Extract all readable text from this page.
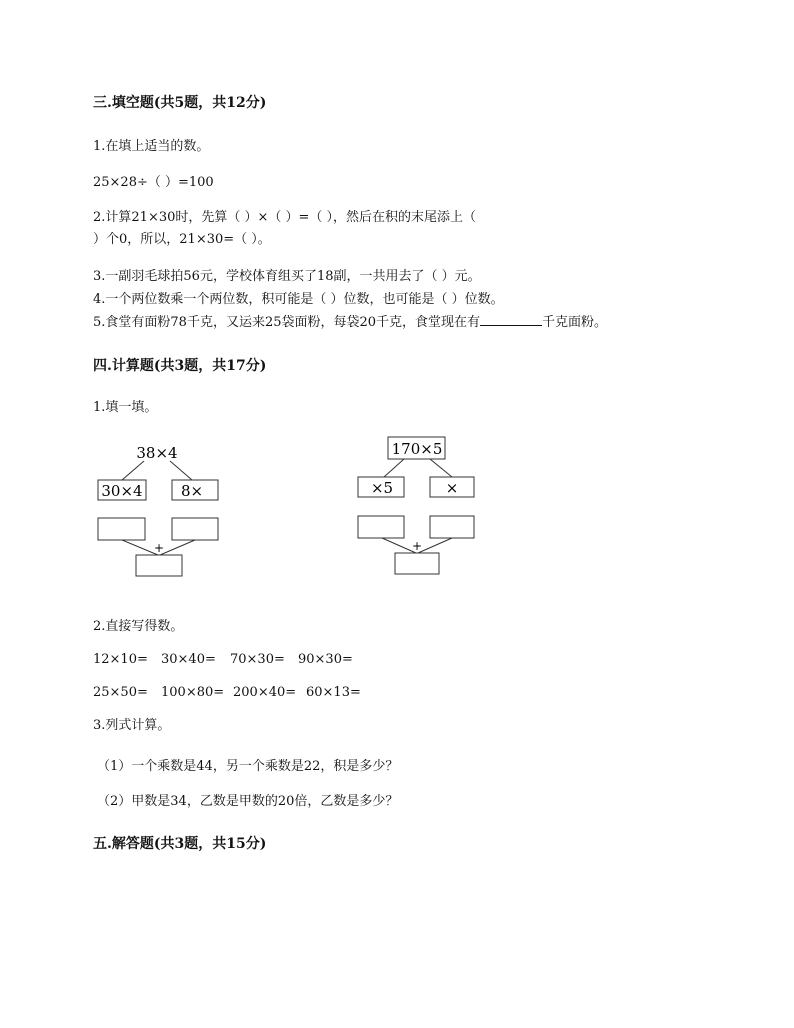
三.填空题(共5题，共12分)
1.在填上适当的数。
25×28÷（ ）=100
2.计算21×30时，先算（ ）×（ ）=（ ），然后在积的末尾添上（
）个0，所以，21×30=（ ）。
3.一副羽毛球拍56元，学校体育组买了18副，一共用去了（ ）元。
4.一个两位数乘一个两位数，积可能是（ ）位数，也可能是（ ）位数。
5.食堂有面粉78千克，又运来25袋面粉，每袋20千克，食堂现在有	千克面粉。
四.计算题(共3题，共17分)
1.填一填。
38×4
30×4	8×
+
170×5
×5	×
+
2.直接写得数。
12×10= 30×40= 70×30= 90×30=
25×50= 100×80= 200×40= 60×13=
3.列式计算。
（1）一个乘数是44，另一个乘数是22，积是多少？
（2）甲数是34，乙数是甲数的20倍，乙数是多少？
五.解答题(共3题，共15分)
